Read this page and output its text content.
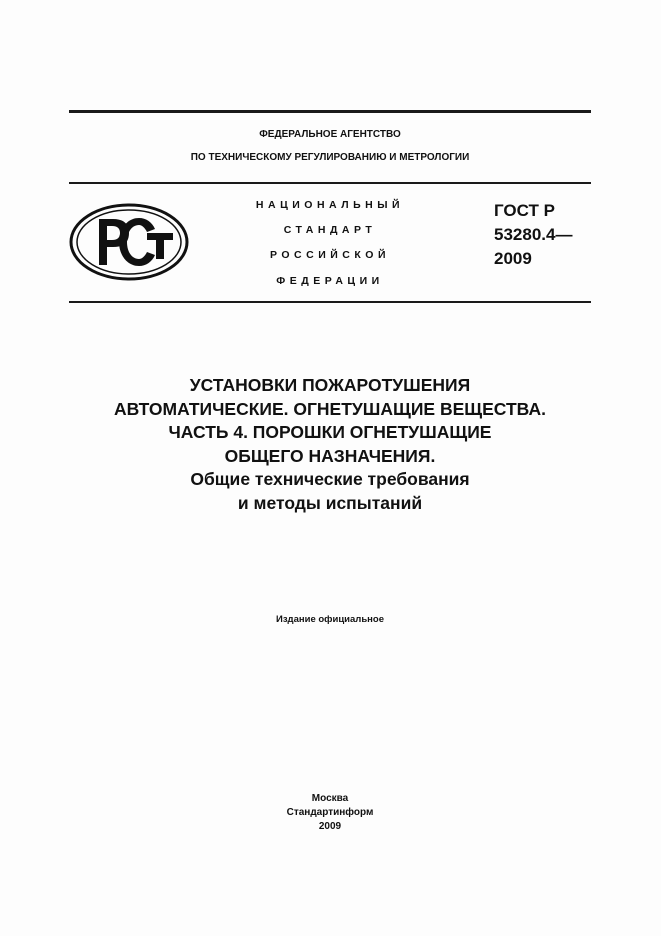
ФЕДЕРАЛЬНОЕ АГЕНТСТВО
ПО ТЕХНИЧЕСКОМУ РЕГУЛИРОВАНИЮ И МЕТРОЛОГИИ
НАЦИОНАЛЬНЫЙ
СТАНДАРТ
РОССИЙСКОЙ
ФЕДЕРАЦИИ
ГОСТ Р
53280.4—
2009
УСТАНОВКИ ПОЖАРОТУШЕНИЯ
АВТОМАТИЧЕСКИЕ. ОГНЕТУШАЩИЕ ВЕЩЕСТВА.
ЧАСТЬ 4. ПОРОШКИ ОГНЕТУШАЩИЕ
ОБЩЕГО НАЗНАЧЕНИЯ.
Общие технические требования
и методы испытаний
Издание официальное
Москва
Стандартинформ
2009
